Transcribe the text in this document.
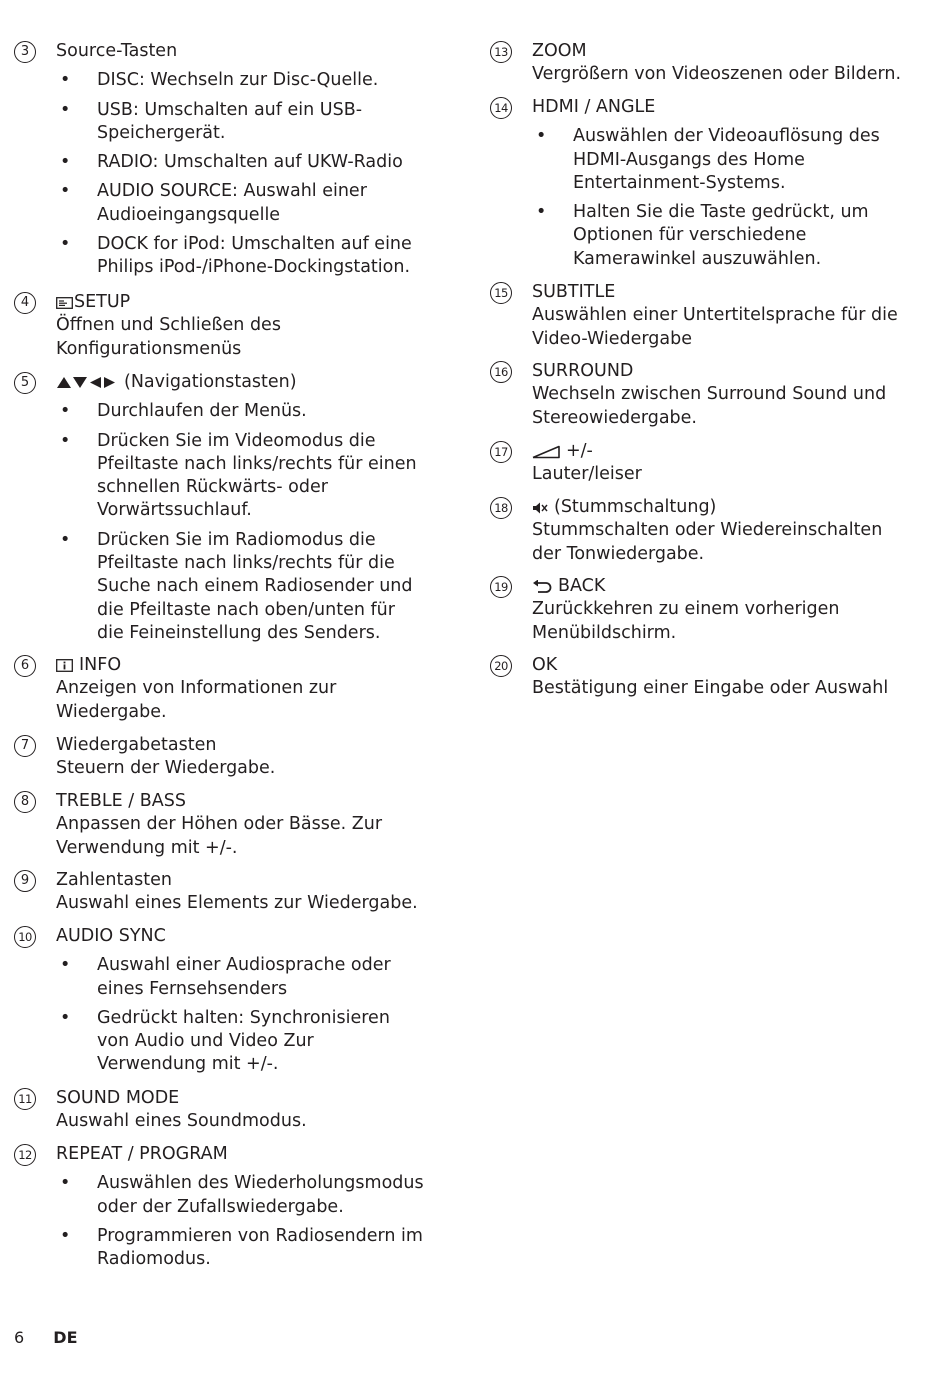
3	Source-Tasten
• DISC: Wechseln zur Disc-Quelle.
• USB: Umschalten auf ein USB-Speichergerät.
• RADIO: Umschalten auf UKW-Radio
• AUDIO SOURCE: Auswahl einer Audioeingangsquelle
• DOCK for iPod: Umschalten auf eine Philips iPod-/iPhone-Dockingstation.
4	SETUP
Öffnen und Schließen des Konfigurationsmenüs
5	(Navigationstasten)
• Durchlaufen der Menüs.
• Drücken Sie im Videomodus die Pfeiltaste nach links/rechts für einen schnellen Rückwärts- oder Vorwärtssuchlauf.
• Drücken Sie im Radiomodus die Pfeiltaste nach links/rechts für die Suche nach einem Radiosender und die Pfeiltaste nach oben/unten für die Feineinstellung des Senders.
6	INFO
Anzeigen von Informationen zur Wiedergabe.
7	Wiedergabetasten
Steuern der Wiedergabe.
8	TREBLE / BASS
Anpassen der Höhen oder Bässe. Zur Verwendung mit +/-.
9	Zahlentasten
Auswahl eines Elements zur Wiedergabe.
10 AUDIO SYNC
• Auswahl einer Audiosprache oder eines Fernsehsenders
• Gedrückt halten: Synchronisieren von Audio und Video Zur Verwendung mit +/-.
11 SOUND MODE
Auswahl eines Soundmodus.
12 REPEAT / PROGRAM
• Auswählen des Wiederholungsmodus oder der Zufallswiedergabe.
• Programmieren von Radiosendern im Radiomodus.
13 ZOOM
Vergrößern von Videoszenen oder Bildern.
14 HDMI / ANGLE
• Auswählen der Videoauflösung des HDMI-Ausgangs des Home Entertainment-Systems.
• Halten Sie die Taste gedrückt, um Optionen für verschiedene Kamerawinkel auszuwählen.
15 SUBTITLE
Auswählen einer Untertitelsprache für die Video-Wiedergabe
16 SURROUND
Wechseln zwischen Surround Sound und Stereowiedergabe.
17	+/-
Lauter/leiser
18	(Stummschaltung)
Stummschalten oder Wiedereinschalten der Tonwiedergabe.
19	BACK
Zurückkehren zu einem vorherigen Menübildschirm.
20 OK
Bestätigung einer Eingabe oder Auswahl
6 DE
